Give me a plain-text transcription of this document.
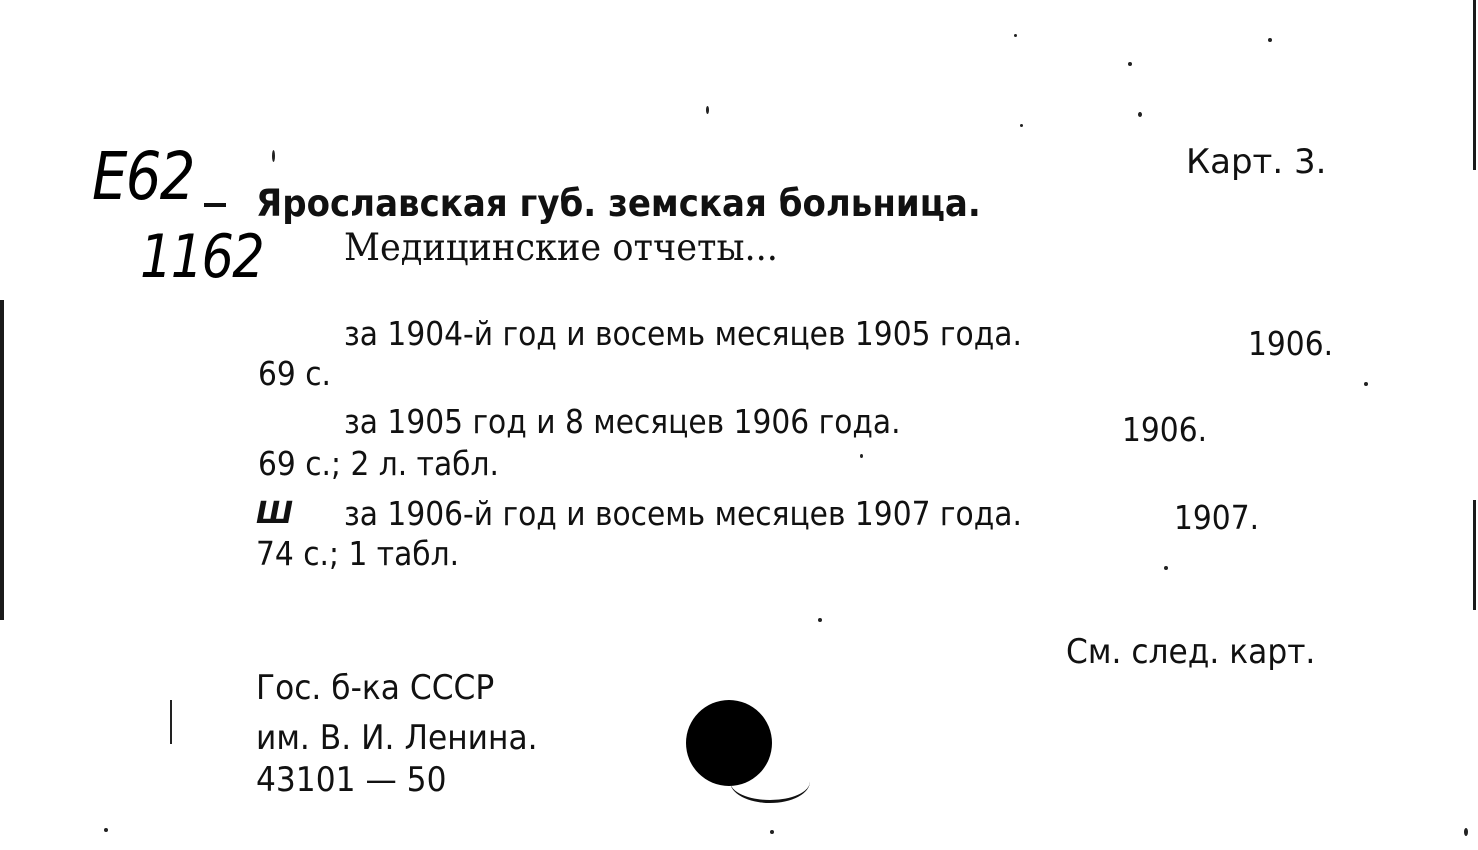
E62
1162
Карт. 3.
Ярославская губ. земская больница.
Медицинские отчеты...
за 1904-й год и восемь месяцев 1905 года.	1906.
69 с.
за 1905 год и 8 месяцев 1906 года.	1906.
69 с.; 2 л. табл.
Ш за 1906-й год и восемь месяцев 1907 года.	1907.
74 с.; 1 табл.
См. след. карт.
Гос. б-ка СССР
им. В. И. Ленина.
43101 — 50
